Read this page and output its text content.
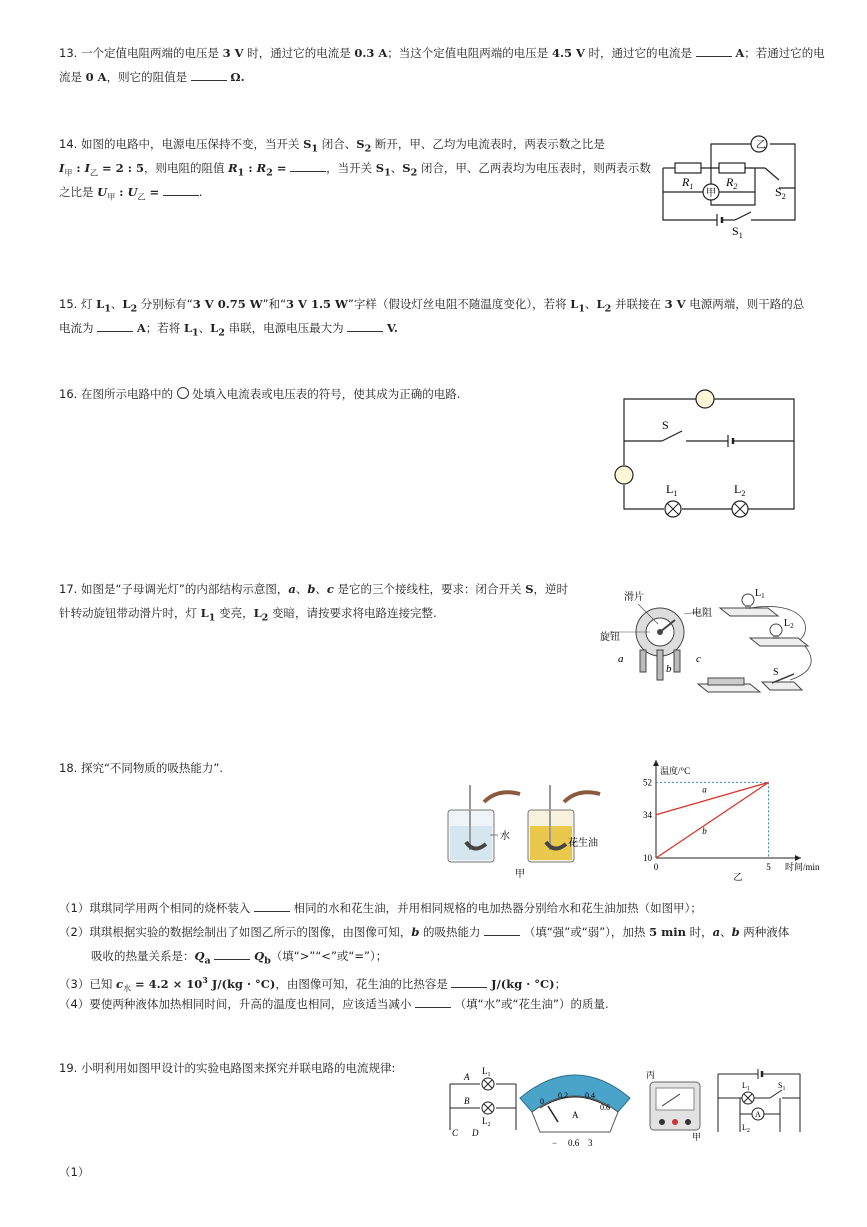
13. 一个定值电阻两端的电压是 3 V 时，通过它的电流是 0.3 A；当这个定值电阻两端的电压是 4.5 V 时，通过它的电流是	A；若通过它的电
流是 0 A，则它的阻值是	Ω.
14. 如图的电路中，电源电压保持不变，当开关 $S_1$ 闭合、$S_2$ 断开，甲、乙均为电流表时，两表示数之比是
$I_甲$ : $I_乙 = 2$ : 5，则电阻的阻值 $R_1$ : $R_2$ =	，当开关 $S_1$、$S_2$ 闭合，甲、乙两表均为电压表时，则两表示数
之比是 $U_甲$ : $U_乙$ =	.
乙
甲
$R_1$	$R_2$	$S_2$
$S_1$
15. 灯 $L_1$、$L_2$ 分别标有“3 V 0.75 W”和“3 V 1.5 W”字样（假设灯丝电阻不随温度变化），若将 $L_1$、$L_2$ 并联接在 3 V 电源两端，则干路的总
电流为	A；若将 $L_1$、$L_2$ 串联，电源电压最大为	V.
16. 在图所示电路中的 处填入电流表或电压表的符号，使其成为正确的电路.
S
$L_1$	$L_2$
17. 如图是“子母调光灯”的内部结构示意图，a、b、c 是它的三个接线柱，要求：闭合开关 S，逆时
针转动旋钮带动滑片时，灯 $L_1$ 变亮，$L_2$ 变暗，请按要求将电路连接完整.
滑片
电阻
旋钮
a
b
c
$L_1$
$L_2$
S
18. 探究“不同物质的吸热能力”.
水
花生油
甲
温度/°C
时间/min
10
34
52
0	5
a
b
乙
（1）琪琪同学用两个相同的烧杯装入	相同的水和花生油，并用相同规格的电加热器分别给水和花生油加热（如图甲）；
（2）琪琪根据实验的数据绘制出了如图乙所示的图像，由图像可知，b 的吸热能力	（填“强”或“弱”），加热 5 min 时，a、b 两种液体
吸收的热量关系是：$Q_a$	$Q_b$（填“>”“<”或“=”）；
（3）已知 $c_水 = 4.2 \times 10^3$ J/(kg · °C)，由图像可知，花生油的比热容是	J/(kg · °C)；
（4）要使两种液体加热相同时间，升高的温度也相同，应该适当减小	（填“水”或“花生油”）的质量.
19. 小明利用如图甲设计的实验电路图来探究并联电路的电流规律:
A
B
C D
$L_1$
$L_2$
0
0.2 0.4
0.6
A
− 0.6 3
丙
甲
A
$L_1$
$L_2$
$S_1$
（1）
